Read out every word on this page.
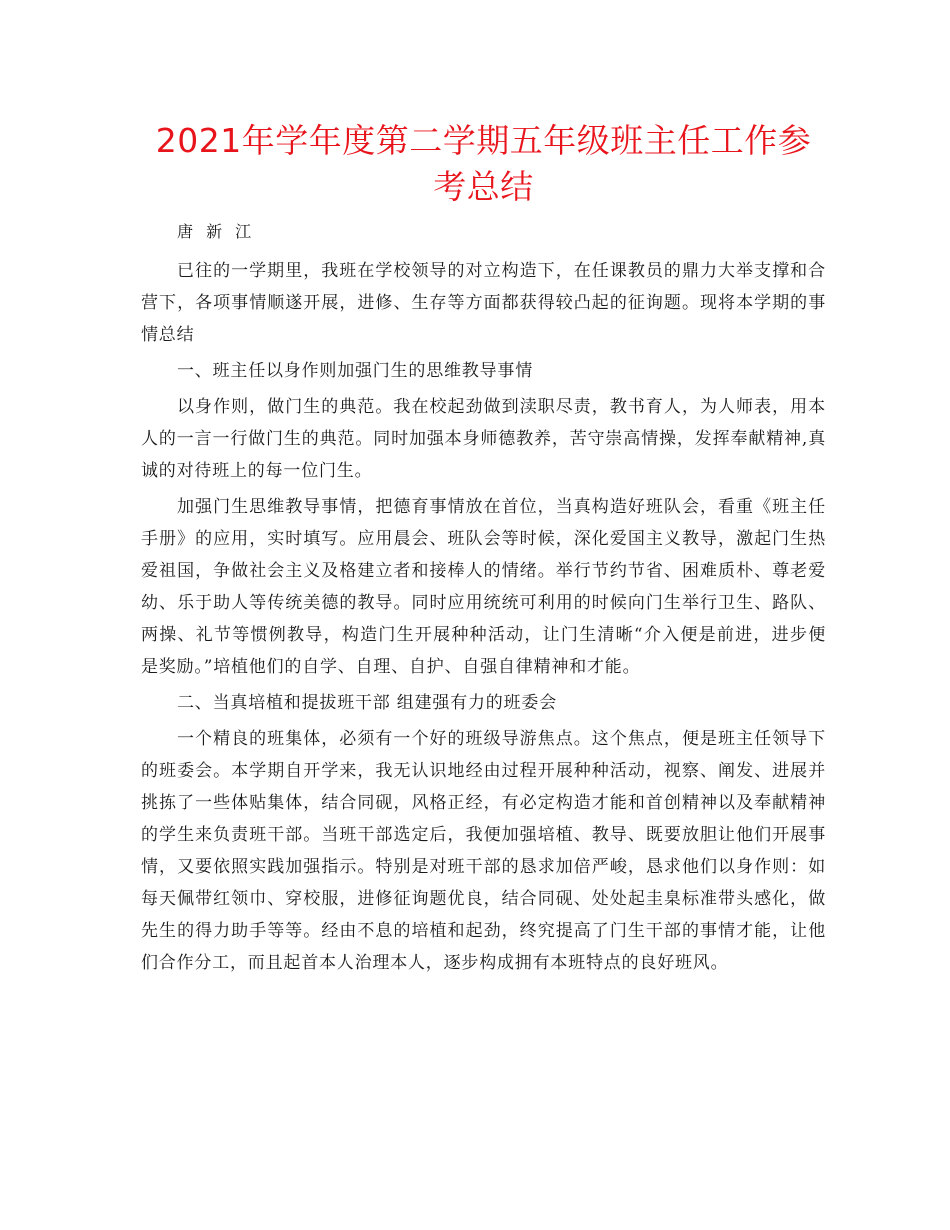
2021年学年度第二学期五年级班主任工作参考总结

唐 新 江

已往的一学期里，我班在学校领导的对立构造下，在任课教员的鼎力大举支撑和合营下，各项事情顺遂开展，进修、生存等方面都获得较凸起的征询题。现将本学期的事情总结

一、班主任以身作则加强门生的思维教导事情

以身作则，做门生的典范。我在校起劲做到渎职尽责，教书育人，为人师表，用本人的一言一行做门生的典范。同时加强本身师德教养，苦守崇高情操，发挥奉献精神,真诚的对待班上的每一位门生。

加强门生思维教导事情，把德育事情放在首位，当真构造好班队会，看重《班主任手册》的应用，实时填写。应用晨会、班队会等时候，深化爱国主义教导，激起门生热爱祖国，争做社会主义及格建立者和接棒人的情绪。举行节约节省、困难质朴、尊老爱幼、乐于助人等传统美德的教导。同时应用统统可利用的时候向门生举行卫生、路队、两操、礼节等惯例教导，构造门生开展种种活动，让门生清晰“介入便是前进，进步便是奖励。”培植他们的自学、自理、自护、自强自律精神和才能。

二、当真培植和提拔班干部 组建强有力的班委会

一个精良的班集体，必须有一个好的班级导游焦点。这个焦点，便是班主任领导下的班委会。本学期自开学来，我无认识地经由过程开展种种活动，视察、阐发、进展并挑拣了一些体贴集体，结合同砚，风格正经，有必定构造才能和首创精神以及奉献精神的学生来负责班干部。当班干部选定后，我便加强培植、教导、既要放胆让他们开展事情，又要依照实践加强指示。特别是对班干部的恳求加倍严峻，恳求他们以身作则：如每天佩带红领巾、穿校服，进修征询题优良，结合同砚、处处起圭臬标准带头感化，做先生的得力助手等等。经由不息的培植和起劲，终究提高了门生干部的事情才能，让他们合作分工，而且起首本人治理本人，逐步构成拥有本班特点的良好班风。
